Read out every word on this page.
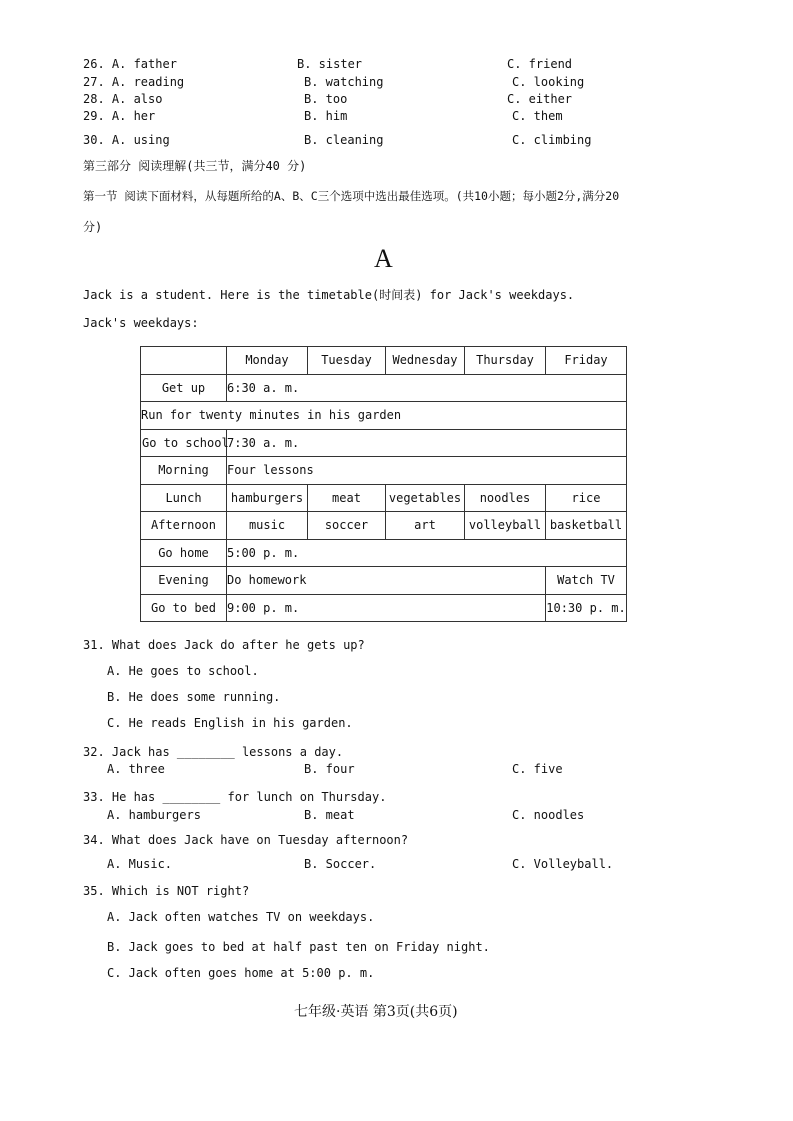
26. A. father	B. sister	C. friend
27. A. reading	B. watching	C. looking
28. A. also	B. too	C. either
29. A. her	B. him	C. them
30. A. using	B. cleaning	C. climbing
第三部分 阅读理解(共三节，满分40 分)
第一节 阅读下面材料，从每题所给的A、B、C三个选项中选出最佳选项。(共10小题；每小题2分,满分20
分)
A
Jack is a student. Here is the timetable(时间表) for Jack's weekdays.
Jack's weekdays:
	Monday	Tuesday	Wednesday	Thursday	Friday
Get up	6:30 a. m.				
Run for twenty minutes in his garden					
Go to school	7:30 a. m.				
Morning	Four lessons				
Lunch	hamburgers	meat	vegetables	noodles	rice
Afternoon	music	soccer	art	volleyball	basketball
Go home	5:00 p. m.				
Evening	Do homework				Watch TV
Go to bed	9:00 p. m.				10:30 p. m.
31. What does Jack do after he gets up?
A. He goes to school.
B. He does some running.
C. He reads English in his garden.
32. Jack has ________ lessons a day.
A. three	B. four	C. five
33. He has ________ for lunch on Thursday.
A. hamburgers	B. meat	C. noodles
34. What does Jack have on Tuesday afternoon?
A. Music.	B. Soccer.	C. Volleyball.
35. Which is NOT right?
A. Jack often watches TV on weekdays.
B. Jack goes to bed at half past ten on Friday night.
C. Jack often goes home at 5:00 p. m.
七年级·英语 第3页(共6页)
